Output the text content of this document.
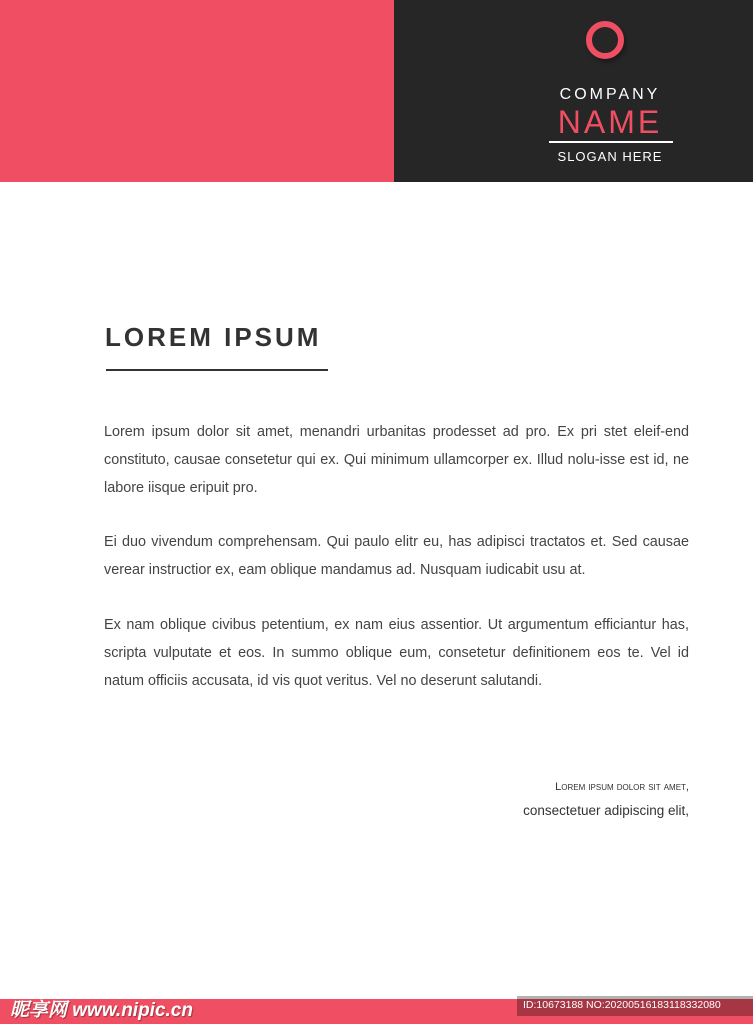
COMPANY
NAME
SLOGAN HERE
LOREM IPSUM

Lorem ipsum dolor sit amet, menandri urbanitas prodesset ad pro. Ex pri stet eleif-end constituto, causae consetetur qui ex. Qui minimum ullamcorper ex. Illud nolu-isse est id, ne labore iisque eripuit pro.

Ei duo vivendum comprehensam. Qui paulo elitr eu, has adipisci tractatos et. Sed causae verear instructior ex, eam oblique mandamus ad. Nusquam iudicabit usu at.

Ex nam oblique civibus petentium, ex nam eius assentior. Ut argumentum efficiantur has, scripta vulputate et eos. In summo oblique eum, consetetur definitionem eos te. Vel id natum officiis accusata, id vis quot veritus. Vel no deserunt salutandi.

Lorem ipsum dolor sit amet,
consectetuer adipiscing elit,
昵享网 www.nipic.cn	ID:10673188 NO:20200516183118332080
